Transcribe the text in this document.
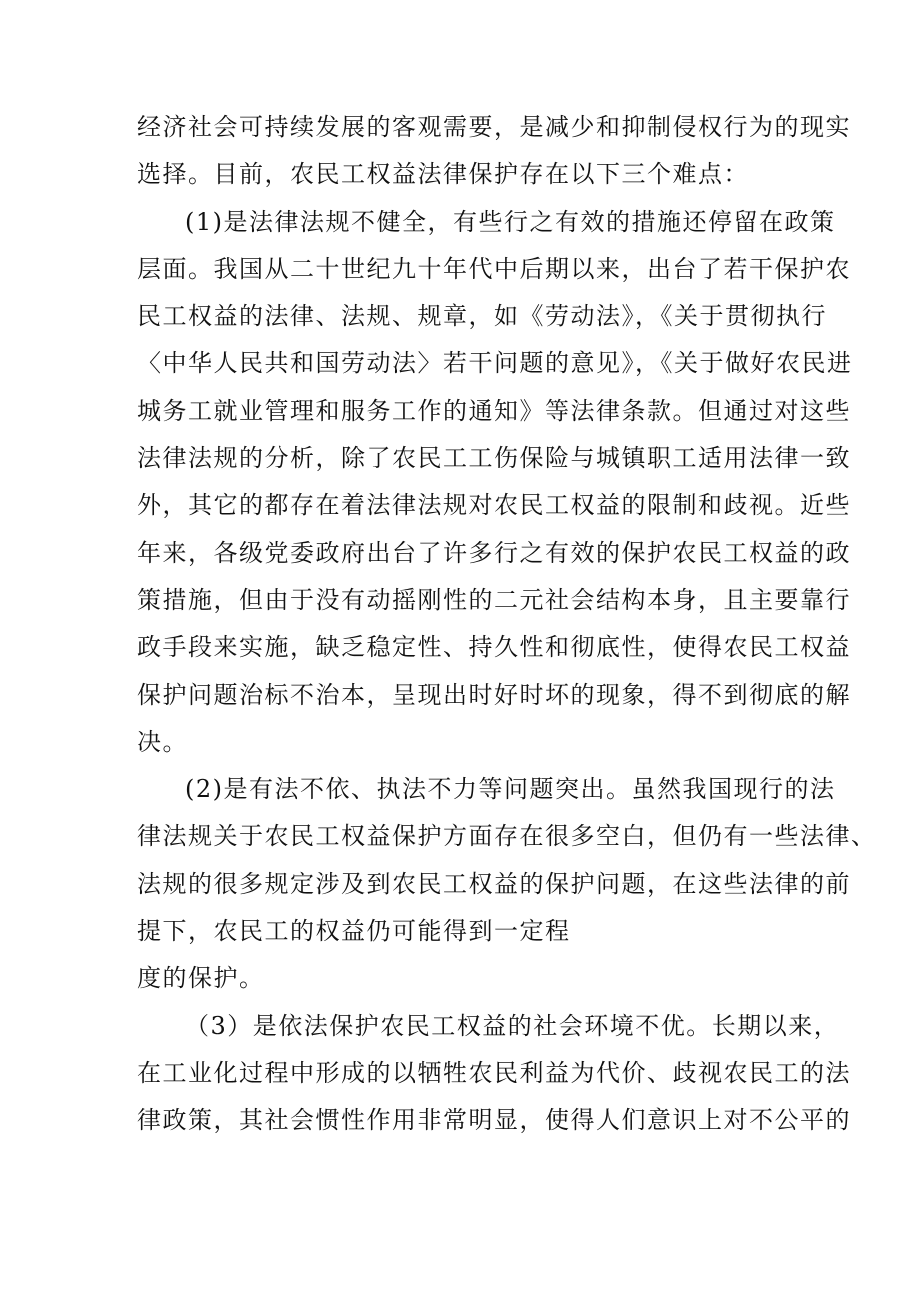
经济社会可持续发展的客观需要，是减少和抑制侵权行为的现实
选择。目前，农民工权益法律保护存在以下三个难点：
(1)是法律法规不健全，有些行之有效的措施还停留在政策
层面。我国从二十世纪九十年代中后期以来，出台了若干保护农
民工权益的法律、法规、规章，如《劳动法》，《关于贯彻执行
〈中华人民共和国劳动法〉若干问题的意见》，《关于做好农民进
城务工就业管理和服务工作的通知》等法律条款。但通过对这些
法律法规的分析，除了农民工工伤保险与城镇职工适用法律一致
外，其它的都存在着法律法规对农民工权益的限制和歧视。近些
年来，各级党委政府出台了许多行之有效的保护农民工权益的政
策措施，但由于没有动摇刚性的二元社会结构本身，且主要靠行
政手段来实施，缺乏稳定性、持久性和彻底性，使得农民工权益
保护问题治标不治本，呈现出时好时坏的现象，得不到彻底的解
决。
(2)是有法不依、执法不力等问题突出。虽然我国现行的法
律法规关于农民工权益保护方面存在很多空白，但仍有一些法律、
法规的很多规定涉及到农民工权益的保护问题，在这些法律的前
提下，农民工的权益仍可能得到一定程
度的保护。
（3）是依法保护农民工权益的社会环境不优。长期以来，
在工业化过程中形成的以牺牲农民利益为代价、歧视农民工的法
律政策，其社会惯性作用非常明显，使得人们意识上对不公平的
